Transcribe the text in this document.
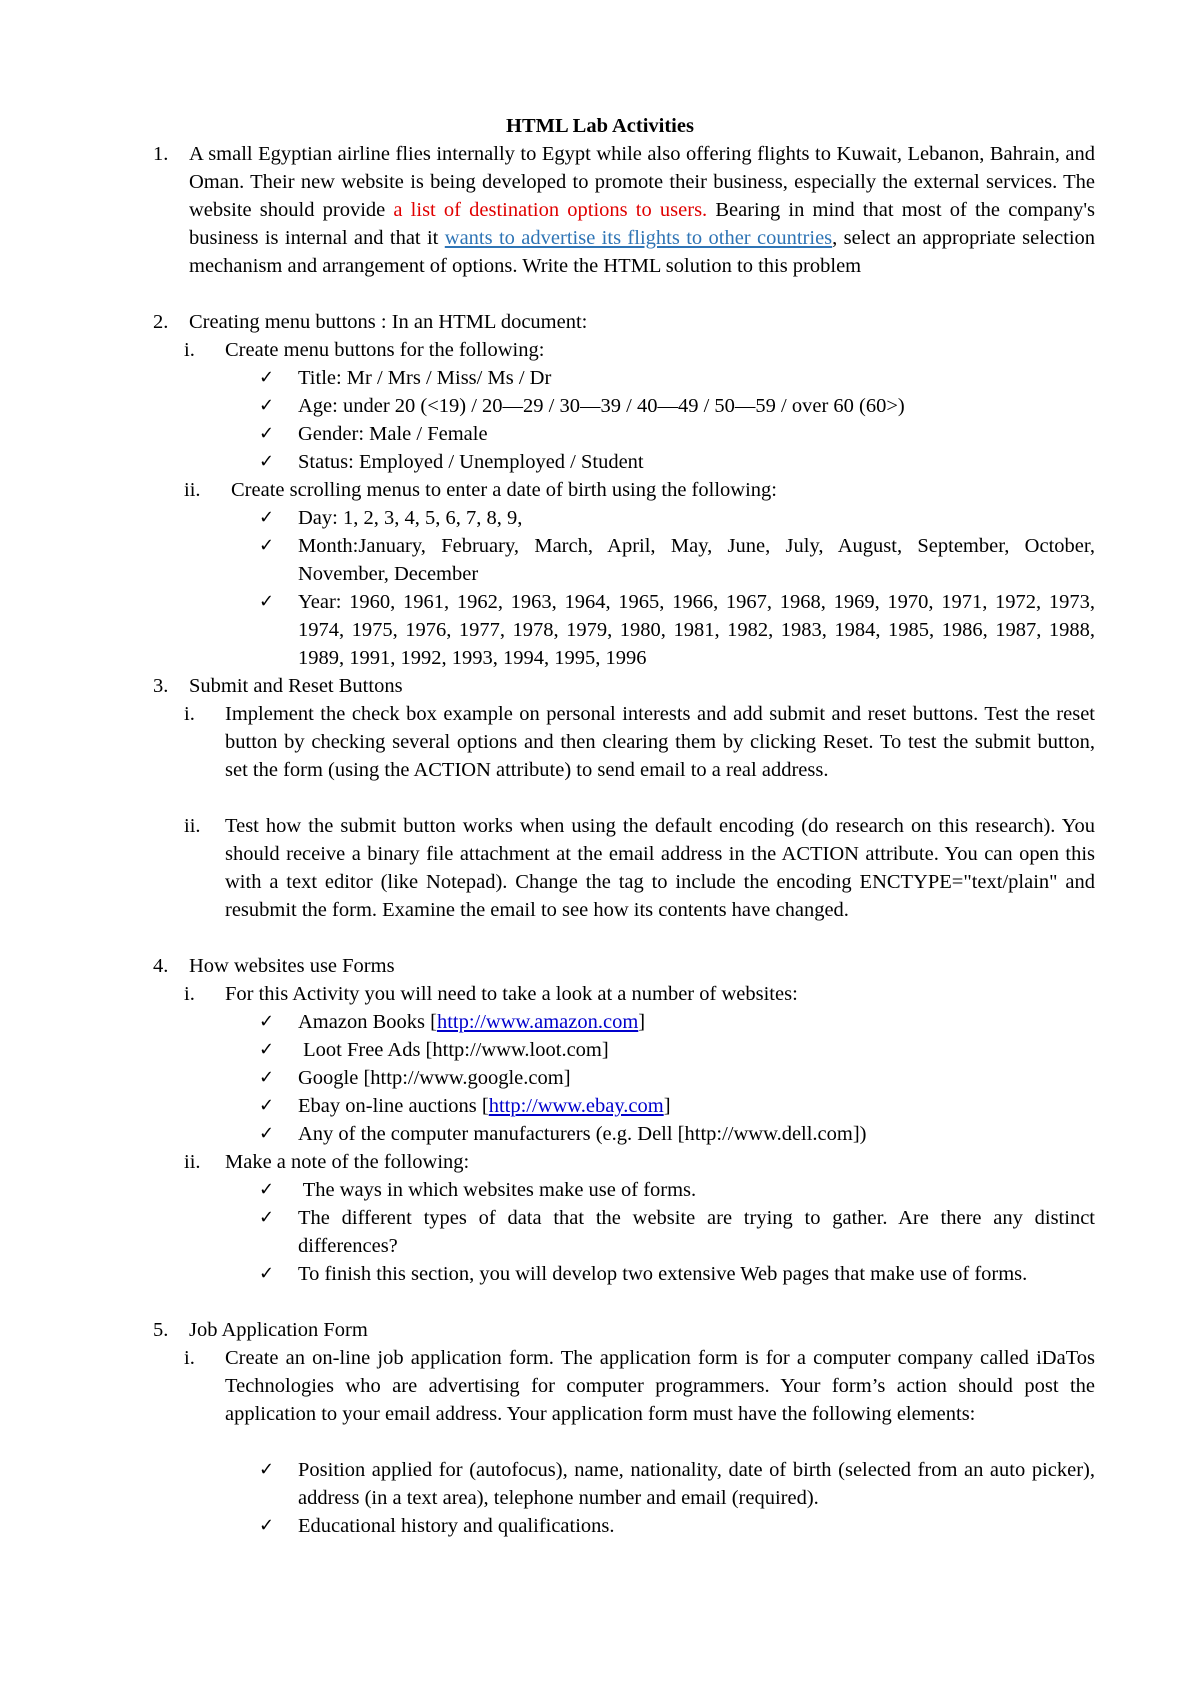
HTML Lab Activities
1.	A small Egyptian airline flies internally to Egypt while also offering flights to Kuwait, Lebanon, Bahrain, and Oman. Their new website is being developed to promote their business, especially the external services. The website should provide a list of destination options to users. Bearing in mind that most of the company's business is internal and that it wants to advertise its flights to other countries, select an appropriate selection mechanism and arrangement of options. Write the HTML solution to this problem
2.	Creating menu buttons : In an HTML document:
i.	Create menu buttons for the following:
✓	Title: Mr / Mrs / Miss/ Ms / Dr
✓	Age: under 20 (<19) / 20—29 / 30—39 / 40—49 / 50—59 / over 60 (60>)
✓	Gender: Male / Female
✓	Status: Employed / Unemployed / Student
ii.	Create scrolling menus to enter a date of birth using the following:
✓	Day: 1, 2, 3, 4, 5, 6, 7, 8, 9,
✓	Month:January, February, March, April, May, June, July, August, September, October, November, December
✓	Year: 1960, 1961, 1962, 1963, 1964, 1965, 1966, 1967, 1968, 1969, 1970, 1971, 1972, 1973, 1974, 1975, 1976, 1977, 1978, 1979, 1980, 1981, 1982, 1983, 1984, 1985, 1986, 1987, 1988, 1989, 1991, 1992, 1993, 1994, 1995, 1996
3.	Submit and Reset Buttons
i.	Implement the check box example on personal interests and add submit and reset buttons. Test the reset button by checking several options and then clearing them by clicking Reset. To test the submit button, set the form (using the ACTION attribute) to send email to a real address.
ii.	Test how the submit button works when using the default encoding (do research on this research). You should receive a binary file attachment at the email address in the ACTION attribute. You can open this with a text editor (like Notepad). Change the tag to include the encoding ENCTYPE="text/plain" and resubmit the form. Examine the email to see how its contents have changed.
4.	How websites use Forms
i.	For this Activity you will need to take a look at a number of websites:
✓	Amazon Books [http://www.amazon.com]
✓	Loot Free Ads [http://www.loot.com]
✓	Google [http://www.google.com]
✓	Ebay on-line auctions [http://www.ebay.com]
✓	Any of the computer manufacturers (e.g. Dell [http://www.dell.com])
ii.	Make a note of the following:
✓	The ways in which websites make use of forms.
✓	The different types of data that the website are trying to gather. Are there any distinct differences?
✓	To finish this section, you will develop two extensive Web pages that make use of forms.
5.	Job Application Form
i.	Create an on-line job application form. The application form is for a computer company called iDaTos Technologies who are advertising for computer programmers. Your form’s action should post the application to your email address. Your application form must have the following elements:
✓	Position applied for (autofocus), name, nationality, date of birth (selected from an auto picker), address (in a text area), telephone number and email (required).
✓	Educational history and qualifications.
